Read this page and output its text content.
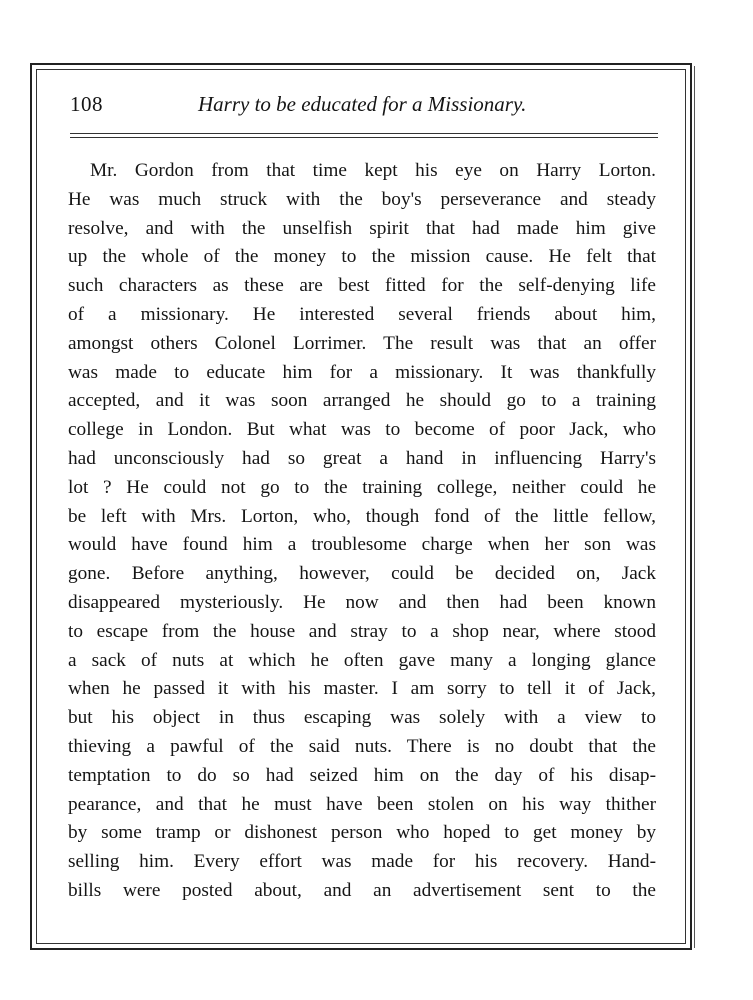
108	Harry to be educated for a Missionary.
Mr. Gordon from that time kept his eye on Harry Lorton.
He was much struck with the boy's perseverance and steady
resolve, and with the unselfish spirit that had made him give
up the whole of the money to the mission cause. He felt that
such characters as these are best fitted for the self-denying life
of a missionary. He interested several friends about him,
amongst others Colonel Lorrimer. The result was that an offer
was made to educate him for a missionary. It was thankfully
accepted, and it was soon arranged he should go to a training
college in London. But what was to become of poor Jack, who
had unconsciously had so great a hand in influencing Harry's
lot ? He could not go to the training college, neither could he
be left with Mrs. Lorton, who, though fond of the little fellow,
would have found him a troublesome charge when her son was
gone. Before anything, however, could be decided on, Jack
disappeared mysteriously. He now and then had been known
to escape from the house and stray to a shop near, where stood
a sack of nuts at which he often gave many a longing glance
when he passed it with his master. I am sorry to tell it of Jack,
but his object in thus escaping was solely with a view to
thieving a pawful of the said nuts. There is no doubt that the
temptation to do so had seized him on the day of his disap-
pearance, and that he must have been stolen on his way thither
by some tramp or dishonest person who hoped to get money by
selling him. Every effort was made for his recovery. Hand-
bills were posted about, and an advertisement sent to the
